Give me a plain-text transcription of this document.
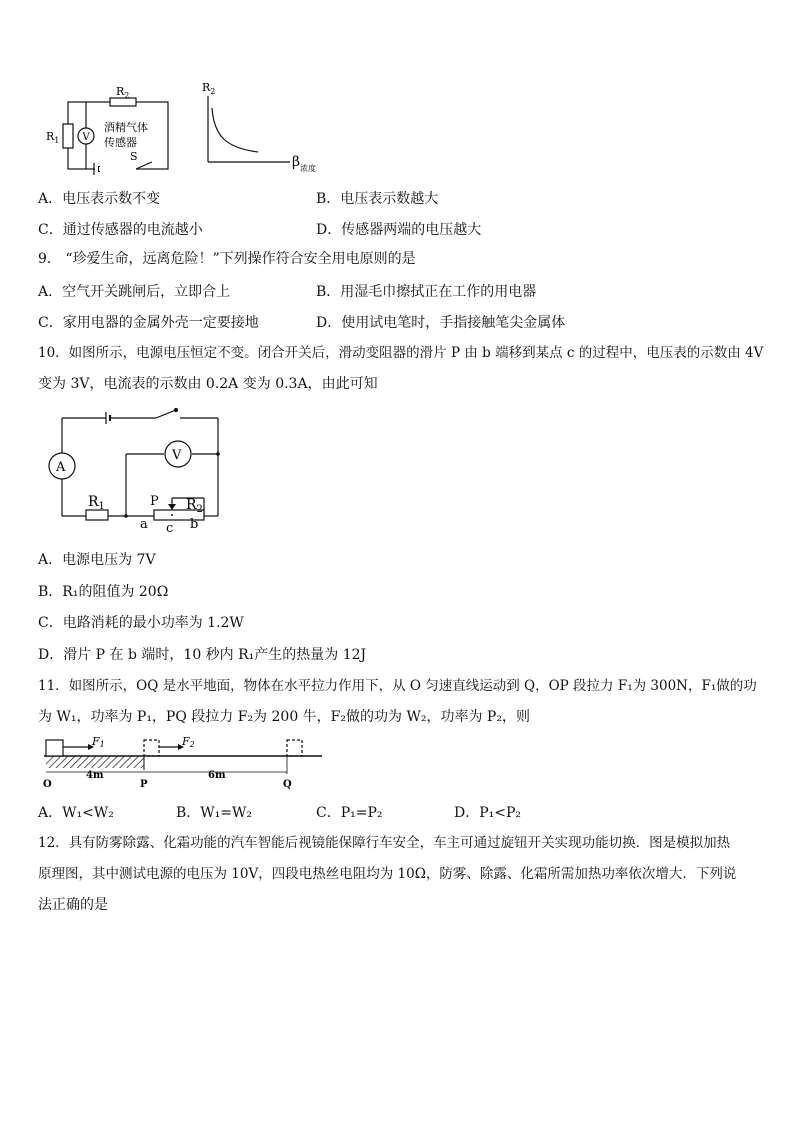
$R_2$
$R_1$ V
酒精气体
传感器
S
$R_2$
β 浓度
A．电压表示数不变	B．电压表示数越大
C．通过传感器的电流越小	D．传感器两端的电压越大
9． “珍爱生命，远离危险！”下列操作符合安全用电原则的是
A．空气开关跳闸后，立即合上	B．用湿毛巾擦拭正在工作的用电器
C．家用电器的金属外壳一定要接地	D．使用试电笔时，手指接触笔尖金属体
10．如图所示，电源电压恒定不变。闭合开关后，滑动变阻器的滑片 P 由 b 端移到某点 c 的过程中，电压表的示数由 4V
变为 3V，电流表的示数由 0.2A 变为 0.3A，由此可知
A
V
$R_1$	P $R_2$
a c b
A．电源电压为 7V
B．R₁的阻值为 20Ω
C．电路消耗的最小功率为 1.2W
D．滑片 P 在 b 端时，10 秒内 R₁产生的热量为 12J
11．如图所示，OQ 是水平地面，物体在水平拉力作用下，从 O 匀速直线运动到 Q，OP 段拉力 F₁为 300N，F₁做的功
为 W₁，功率为 P₁，PQ 段拉力 F₂为 200 牛，F₂做的功为 W₂，功率为 P₂，则
F1	F2
4m	6m
O	P	Q
A．W₁<W₂	B．W₁=W₂	C．P₁=P₂	D．P₁<P₂
12．具有防雾除露、化霜功能的汽车智能后视镜能保障行车安全，车主可通过旋钮开关实现功能切换．图是模拟加热
原理图，其中测试电源的电压为 10V，四段电热丝电阻均为 10Ω，防雾、除露、化霜所需加热功率依次增大．下列说
法正确的是
